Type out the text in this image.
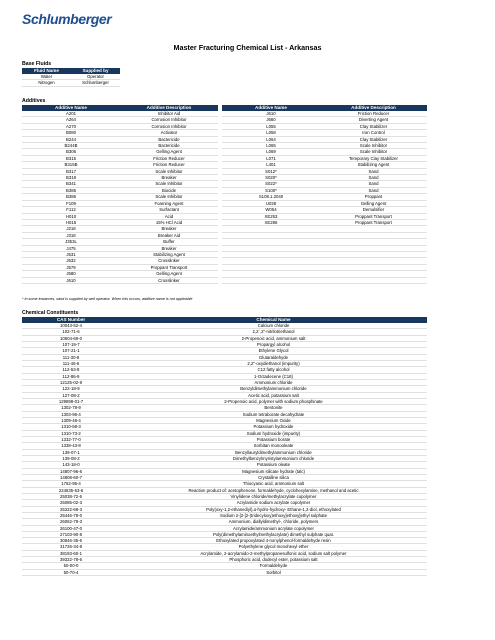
Schlumberger
Master Fracturing Chemical List - Arkansas
Base Fluids
Fluid Name	Supplied by
Water	Operator
Nitrogen	Schlumberger
Additives
Additive Name	Additive Description		Additive Name	Additive Description
A201	Inhibitor Aid		J610	Friction Reducer
A264	Corrosion Inhibitor		J660	Diverting Agent
A270	Corrosion Inhibitor		L055	Clay Stabilizer
B080	Activator		L058	Iron Control
B244	Bactericide		L064	Clay Stabilizer
B244B	Bactericide		L065	Scale Inhibitor
B306	Gelling Agent		L069	Scale Inhibitor
B315	Friction Reducer		L071	Temporary Clay Stabilizer
B315B	Friction Reducer		L401	Stabilizing Agent
B317	Scale Inhibitor		S012*	Sand
B318	Breaker		S020*	Sand
B341	Scale Inhibitor		S022*	Sand
B385	Biocide		S100*	Sand
B386	Scale Inhibitor		S108.1.2040	Proppant
F109	Foaming Agent		U028	Gelling Agent
F112	Surfactant		W054	Demulsifier
H010	Acid		XE253	Proppant Transport
H015	15% HCl Acid		XE286	Proppant Transport
J218	Breaker			
J318	Breaker Aid			
J353L	Buffer			
J475	Breaker			
J531	Stabilizing Agent			
J532	Crosslinker			
J579	Proppant Transport			
J580	Gelling Agent			
J610	Crosslinker			
* In some instances, sand is supplied by well operator. When this occurs, additive name is not applicable
Chemical Constituents
CAS Number	Chemical Name
10043-52-4	Calcium chloride
102-71-6	2,2´,2''-nitrilotriethanol
10604-69-0	2-Propenoic acid, ammonium salt
107-19-7	Propargyl alcohol
107-21-1	Ethylene Glycol
111-30-8	Glutaraldehyde
111-46-6	2,2''-oxydiethanol (impurity)
112-53-8	C12 fatty alcohol
112-86-9	1-Octadecene (C18)
12125-02-9	Ammonium chloride
122-18-9	Benzyldimethylammonium chloride
127-08-2	Acetic acid, potassium salt
129898-01-7	2-Propenoic acid, polymer with sodium phosphinate
1302-78-9	Bentonite
1303-96-4	Sodium tetraborate decahydrate
1309-48-4	Magnesium Oxide
1310-58-3	Potassium hydroxide
1310-73-2	Sodium hydroxide (impurity)
1332-77-0	Potassium borate
1338-43-8	Sorbitan monooleate
139-07-1	Benzyllauryldimethylammonium chloride
139-08-2	Dimethylbenzylmyristylammonium chloride
143-18-0	Potassium oleate
14807-96-6	Magnesium silicate hydrate (talc)
14808-60-7	Crystalline silica
1762-95-4	Thiocyanic acid, ammonium salt
224635-63-6	Reaction product of: acetophenone, formaldehyde, cyclohexylamine, methanol and acetic
25038-72-6	Vinylidene chloride/methylacrylate copolymer
25085-02-3	Acrylamide sodium acrylate copolymer
25322-68-3	Poly(oxy-1,2-ethanediyl),α-hydro-hydroxy- Ethane-1,2-diol, ethoxylated
25446-78-0	Sodium 2-[2-[2-(tridecyloxy)ethoxy]ethoxy]ethyl sulphate
26062-79-3	Ammonium, diallyldimethyl-, chloride, polymers
26100-47-0	Acrylamide/ammonium acrylate copolymer
27103-90-8	Poly(dimethylaminoethylmethylacrylate) dimethyl sulphate quat.
30846-35-6	Ethoxylated propoxylated 4-nonylphenol-formaldehyde resin
31726-34-8	Polyethylene glycol monohexyl ether
38193-60-1	Acrylamide, 2-acrylamido-2-methylpropanesulfonic acid, sodium salt polymer
39322-78-6	Phosphoric acid, dodecyl ester, potassium salt
50-00-0	Formaldehyde
50-70-4	Sorbitol
